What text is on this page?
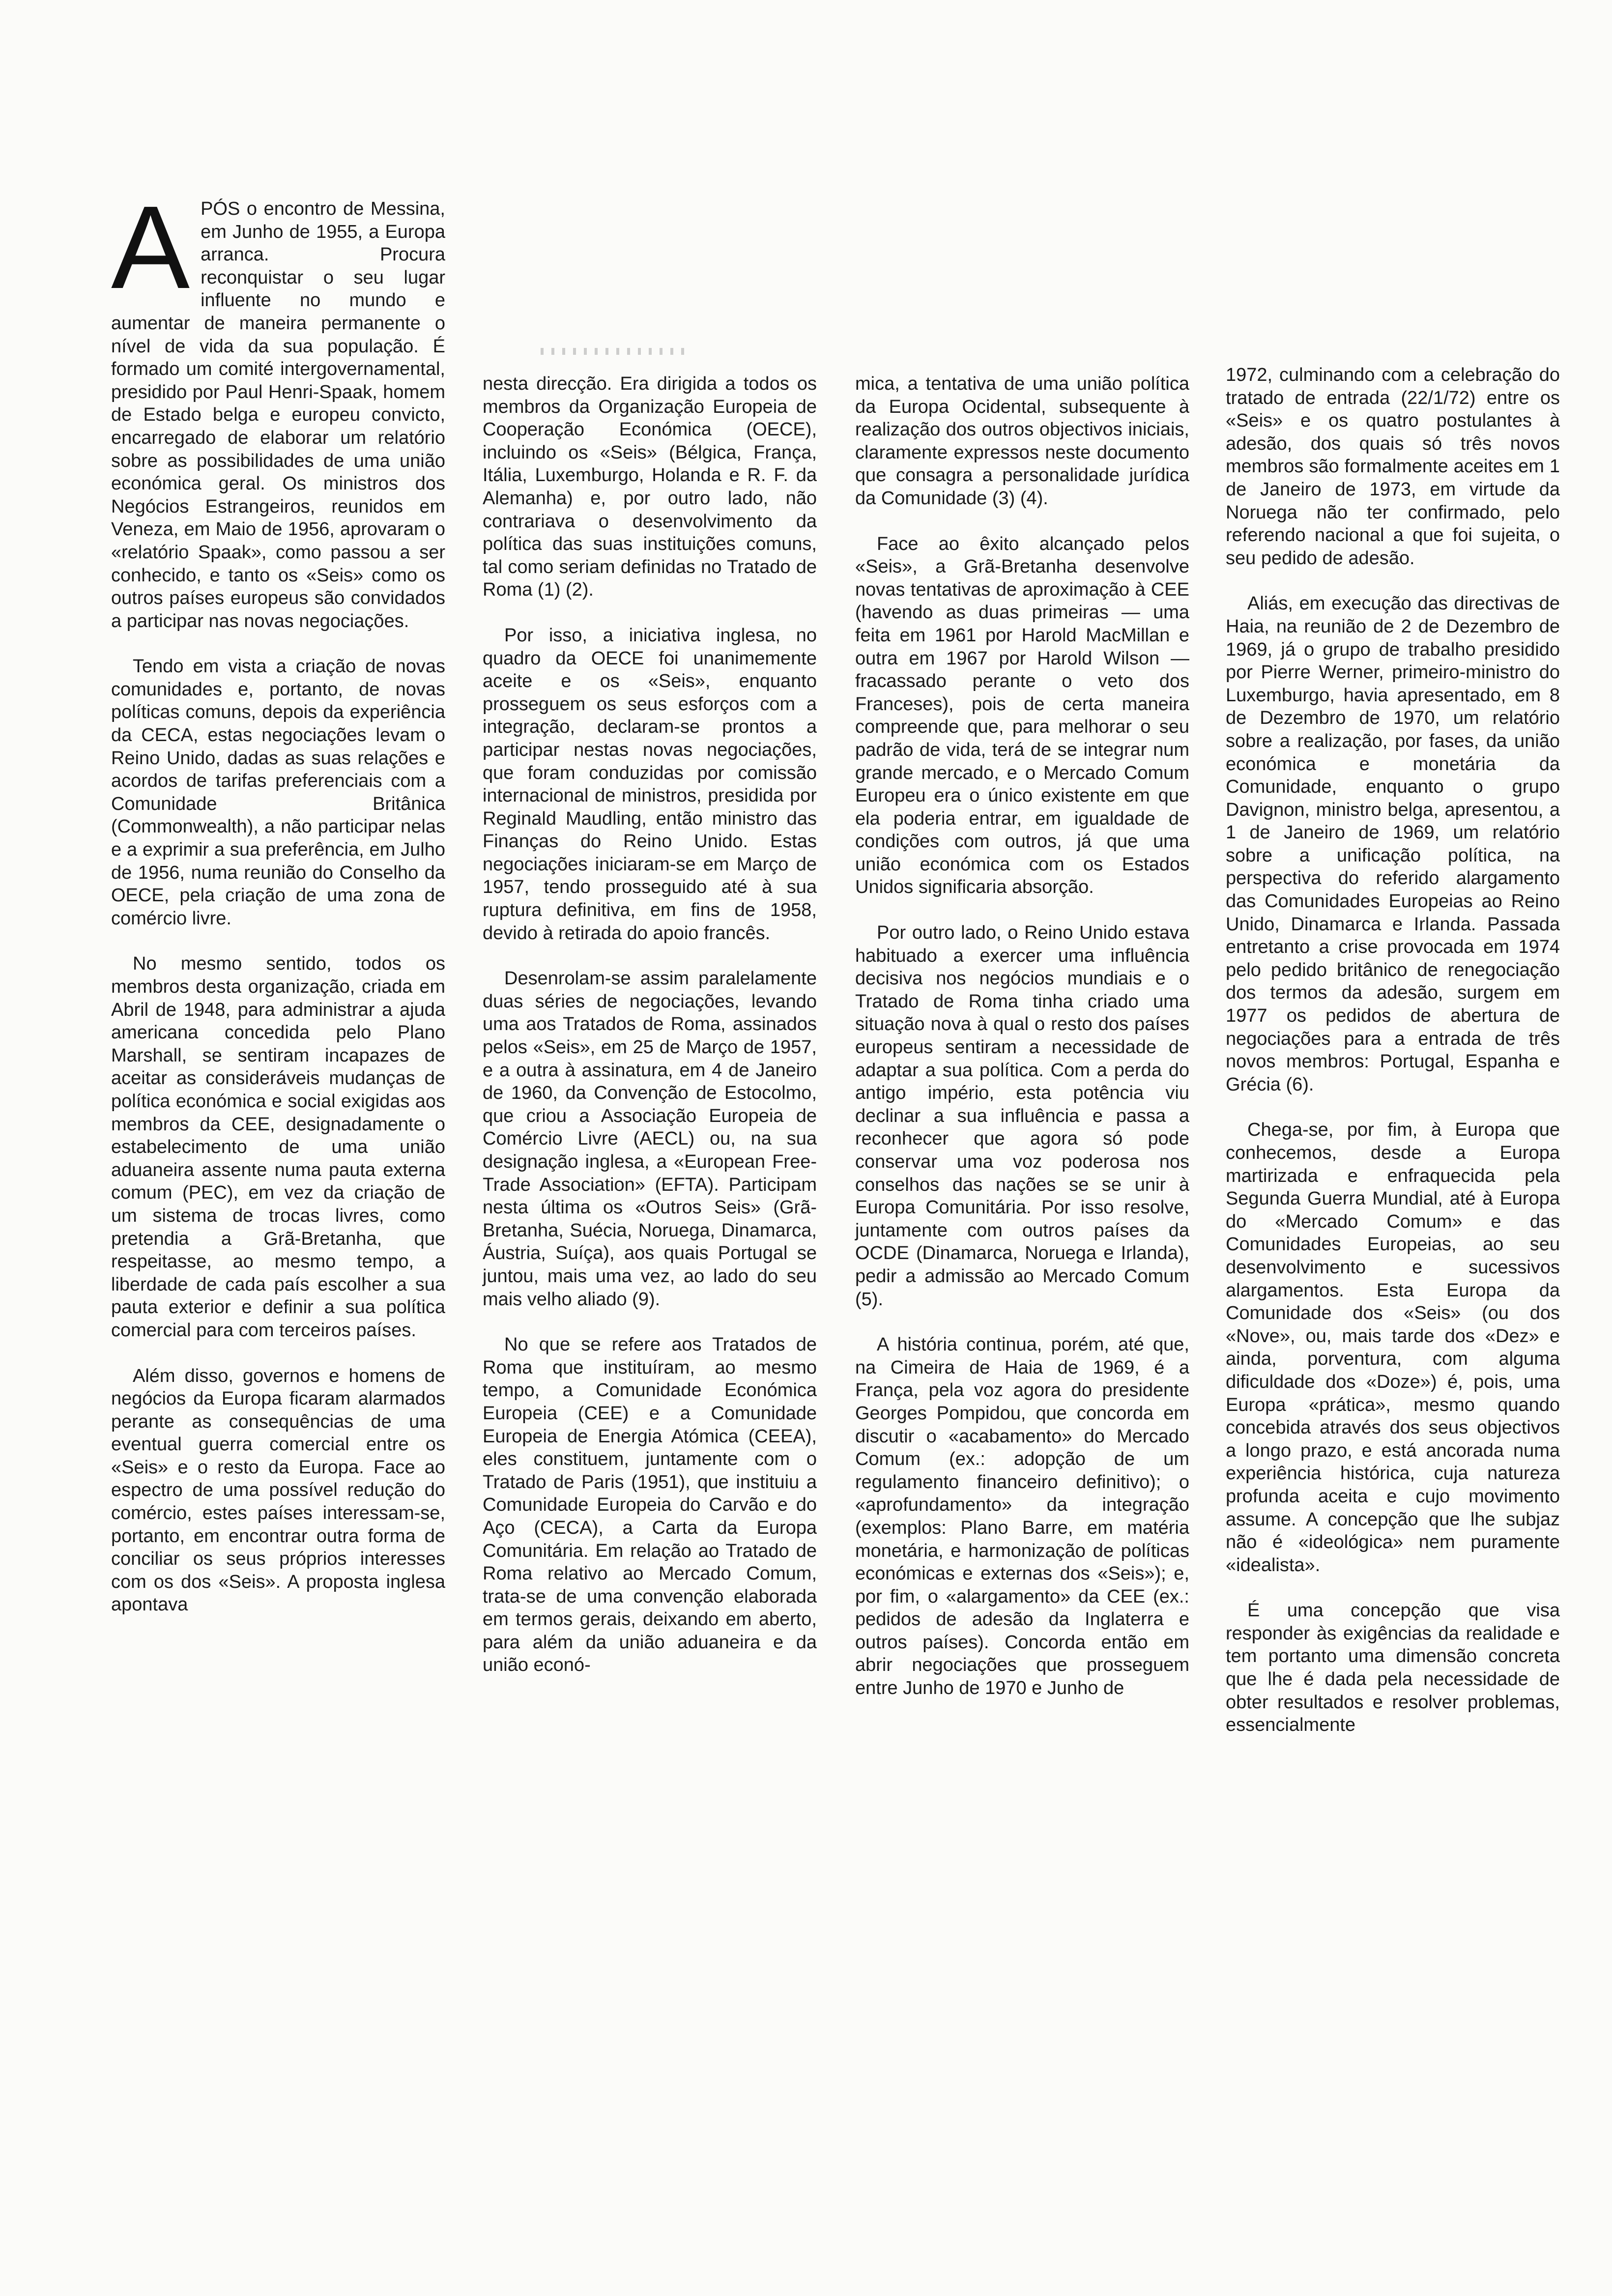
APÓS o encontro de Messina, em Junho de 1955, a Europa arranca. Procura reconquistar o seu lugar influente no mundo e aumentar de maneira permanente o nível de vida da sua população. É formado um comité intergovernamental, presidido por Paul Henri-Spaak, homem de Estado belga e europeu convicto, encarregado de elaborar um relatório sobre as possibilidades de uma união económica geral. Os ministros dos Negócios Estrangeiros, reunidos em Veneza, em Maio de 1956, aprovaram o «relatório Spaak», como passou a ser conhecido, e tanto os «Seis» como os outros países europeus são convidados a participar nas novas negociações.

Tendo em vista a criação de novas comunidades e, portanto, de novas políticas comuns, depois da experiência da CECA, estas negociações levam o Reino Unido, dadas as suas relações e acordos de tarifas preferenciais com a Comunidade Britânica (Commonwealth), a não participar nelas e a exprimir a sua preferência, em Julho de 1956, numa reunião do Conselho da OECE, pela criação de uma zona de comércio livre.

No mesmo sentido, todos os membros desta organização, criada em Abril de 1948, para administrar a ajuda americana concedida pelo Plano Marshall, se sentiram incapazes de aceitar as consideráveis mudanças de política económica e social exigidas aos membros da CEE, designadamente o estabelecimento de uma união aduaneira assente numa pauta externa comum (PEC), em vez da criação de um sistema de trocas livres, como pretendia a Grã-Bretanha, que respeitasse, ao mesmo tempo, a liberdade de cada país escolher a sua pauta exterior e definir a sua política comercial para com terceiros países.

Além disso, governos e homens de negócios da Europa ficaram alarmados perante as consequências de uma eventual guerra comercial entre os «Seis» e o resto da Europa. Face ao espectro de uma possível redução do comércio, estes países interessam-se, portanto, em encontrar outra forma de conciliar os seus próprios interesses com os dos «Seis». A proposta inglesa apontava

nesta direcção. Era dirigida a todos os membros da Organização Europeia de Cooperação Económica (OECE), incluindo os «Seis» (Bélgica, França, Itália, Luxemburgo, Holanda e R. F. da Alemanha) e, por outro lado, não contrariava o desenvolvimento da política das suas instituições comuns, tal como seriam definidas no Tratado de Roma (1) (2).

Por isso, a iniciativa inglesa, no quadro da OECE foi unanimemente aceite e os «Seis», enquanto prosseguem os seus esforços com a integração, declaram-se prontos a participar nestas novas negociações, que foram conduzidas por comissão internacional de ministros, presidida por Reginald Maudling, então ministro das Finanças do Reino Unido. Estas negociações iniciaram-se em Março de 1957, tendo prosseguido até à sua ruptura definitiva, em fins de 1958, devido à retirada do apoio francês.

Desenrolam-se assim paralelamente duas séries de negociações, levando uma aos Tratados de Roma, assinados pelos «Seis», em 25 de Março de 1957, e a outra à assinatura, em 4 de Janeiro de 1960, da Convenção de Estocolmo, que criou a Associação Europeia de Comércio Livre (AECL) ou, na sua designação inglesa, a «European Free-Trade Association» (EFTA). Participam nesta última os «Outros Seis» (Grã-Bretanha, Suécia, Noruega, Dinamarca, Áustria, Suíça), aos quais Portugal se juntou, mais uma vez, ao lado do seu mais velho aliado (9).

No que se refere aos Tratados de Roma que instituíram, ao mesmo tempo, a Comunidade Económica Europeia (CEE) e a Comunidade Europeia de Energia Atómica (CEEA), eles constituem, juntamente com o Tratado de Paris (1951), que instituiu a Comunidade Europeia do Carvão e do Aço (CECA), a Carta da Europa Comunitária. Em relação ao Tratado de Roma relativo ao Mercado Comum, trata-se de uma convenção elaborada em termos gerais, deixando em aberto, para além da união aduaneira e da união econó-

mica, a tentativa de uma união política da Europa Ocidental, subsequente à realização dos outros objectivos iniciais, claramente expressos neste documento que consagra a personalidade jurídica da Comunidade (3) (4).

Face ao êxito alcançado pelos «Seis», a Grã-Bretanha desenvolve novas tentativas de aproximação à CEE (havendo as duas primeiras — uma feita em 1961 por Harold MacMillan e outra em 1967 por Harold Wilson — fracassado perante o veto dos Franceses), pois de certa maneira compreende que, para melhorar o seu padrão de vida, terá de se integrar num grande mercado, e o Mercado Comum Europeu era o único existente em que ela poderia entrar, em igualdade de condições com outros, já que uma união económica com os Estados Unidos significaria absorção.

Por outro lado, o Reino Unido estava habituado a exercer uma influência decisiva nos negócios mundiais e o Tratado de Roma tinha criado uma situação nova à qual o resto dos países europeus sentiram a necessidade de adaptar a sua política. Com a perda do antigo império, esta potência viu declinar a sua influência e passa a reconhecer que agora só pode conservar uma voz poderosa nos conselhos das nações se se unir à Europa Comunitária. Por isso resolve, juntamente com outros países da OCDE (Dinamarca, Noruega e Irlanda), pedir a admissão ao Mercado Comum (5).

A história continua, porém, até que, na Cimeira de Haia de 1969, é a França, pela voz agora do presidente Georges Pompidou, que concorda em discutir o «acabamento» do Mercado Comum (ex.: adopção de um regulamento financeiro definitivo); o «aprofundamento» da integração (exemplos: Plano Barre, em matéria monetária, e harmonização de políticas económicas e externas dos «Seis»); e, por fim, o «alargamento» da CEE (ex.: pedidos de adesão da Inglaterra e outros países). Concorda então em abrir negociações que prosseguem entre Junho de 1970 e Junho de

1972, culminando com a celebração do tratado de entrada (22/1/72) entre os «Seis» e os quatro postulantes à adesão, dos quais só três novos membros são formalmente aceites em 1 de Janeiro de 1973, em virtude da Noruega não ter confirmado, pelo referendo nacional a que foi sujeita, o seu pedido de adesão.

Aliás, em execução das directivas de Haia, na reunião de 2 de Dezembro de 1969, já o grupo de trabalho presidido por Pierre Werner, primeiro-ministro do Luxemburgo, havia apresentado, em 8 de Dezembro de 1970, um relatório sobre a realização, por fases, da união económica e monetária da Comunidade, enquanto o grupo Davignon, ministro belga, apresentou, a 1 de Janeiro de 1969, um relatório sobre a unificação política, na perspectiva do referido alargamento das Comunidades Europeias ao Reino Unido, Dinamarca e Irlanda. Passada entretanto a crise provocada em 1974 pelo pedido britânico de renegociação dos termos da adesão, surgem em 1977 os pedidos de abertura de negociações para a entrada de três novos membros: Portugal, Espanha e Grécia (6).

Chega-se, por fim, à Europa que conhecemos, desde a Europa martirizada e enfraquecida pela Segunda Guerra Mundial, até à Europa do «Mercado Comum» e das Comunidades Europeias, ao seu desenvolvimento e sucessivos alargamentos. Esta Europa da Comunidade dos «Seis» (ou dos «Nove», ou, mais tarde dos «Dez» e ainda, porventura, com alguma dificuldade dos «Doze») é, pois, uma Europa «prática», mesmo quando concebida através dos seus objectivos a longo prazo, e está ancorada numa experiência histórica, cuja natureza profunda aceita e cujo movimento assume. A concepção que lhe subjaz não é «ideológica» nem puramente «idealista».

É uma concepção que visa responder às exigências da realidade e tem portanto uma dimensão concreta que lhe é dada pela necessidade de obter resultados e resolver problemas, essencialmente
